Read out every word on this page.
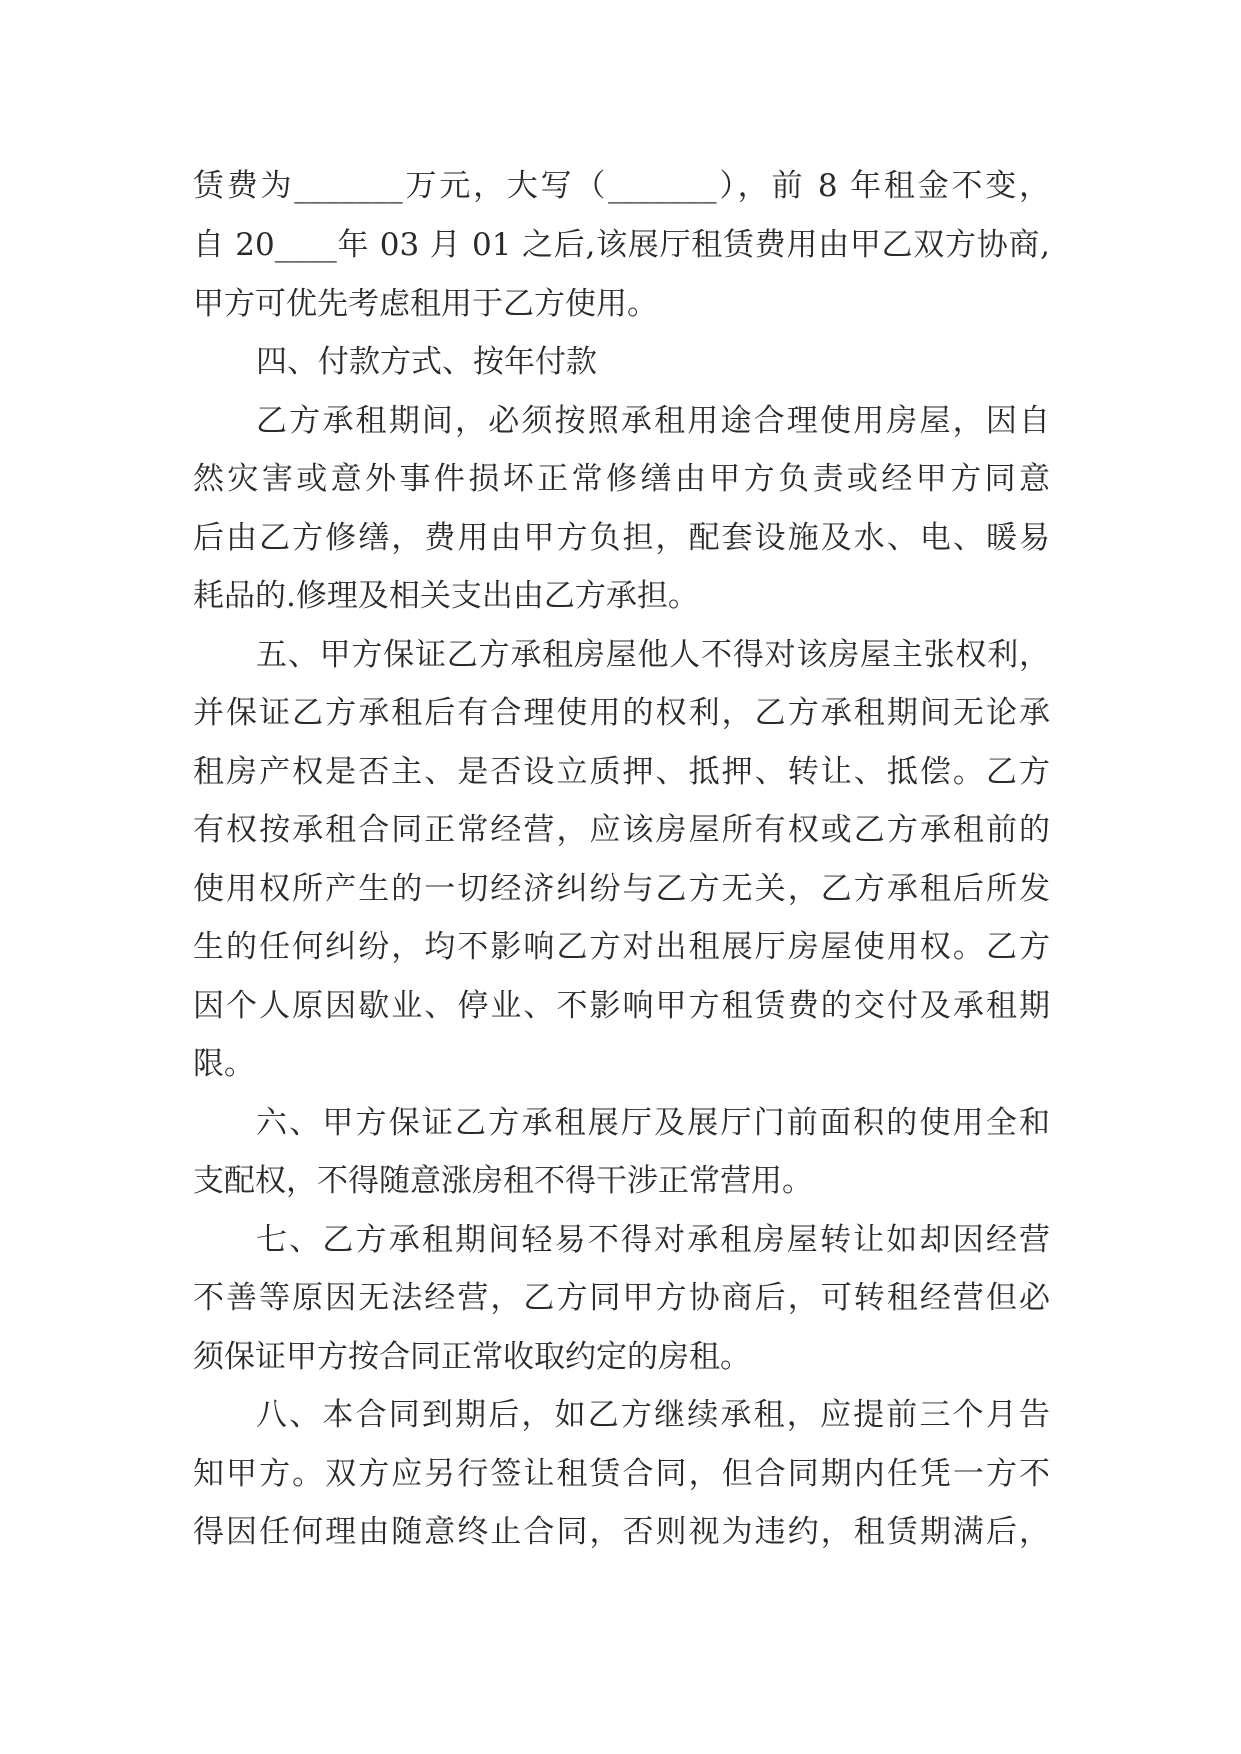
赁费为_______万元，大写（_______），前 8 年租金不变，
自 20____年 03 月 01 之后,该展厅租赁费用由甲乙双方协商,
甲方可优先考虑租用于乙方使用。
四、付款方式、按年付款
乙方承租期间，必须按照承租用途合理使用房屋，因自
然灾害或意外事件损坏正常修缮由甲方负责或经甲方同意
后由乙方修缮，费用由甲方负担，配套设施及水、电、暖易
耗品的.修理及相关支出由乙方承担。
五、甲方保证乙方承租房屋他人不得对该房屋主张权利，
并保证乙方承租后有合理使用的权利，乙方承租期间无论承
租房产权是否主、是否设立质押、抵押、转让、抵偿。乙方
有权按承租合同正常经营，应该房屋所有权或乙方承租前的
使用权所产生的一切经济纠纷与乙方无关，乙方承租后所发
生的任何纠纷，均不影响乙方对出租展厅房屋使用权。乙方
因个人原因歇业、停业、不影响甲方租赁费的交付及承租期
限。
六、甲方保证乙方承租展厅及展厅门前面积的使用全和
支配权，不得随意涨房租不得干涉正常营用。
七、乙方承租期间轻易不得对承租房屋转让如却因经营
不善等原因无法经营，乙方同甲方协商后，可转租经营但必
须保证甲方按合同正常收取约定的房租。
八、本合同到期后，如乙方继续承租，应提前三个月告
知甲方。双方应另行签让租赁合同，但合同期内任凭一方不
得因任何理由随意终止合同，否则视为违约，租赁期满后，
